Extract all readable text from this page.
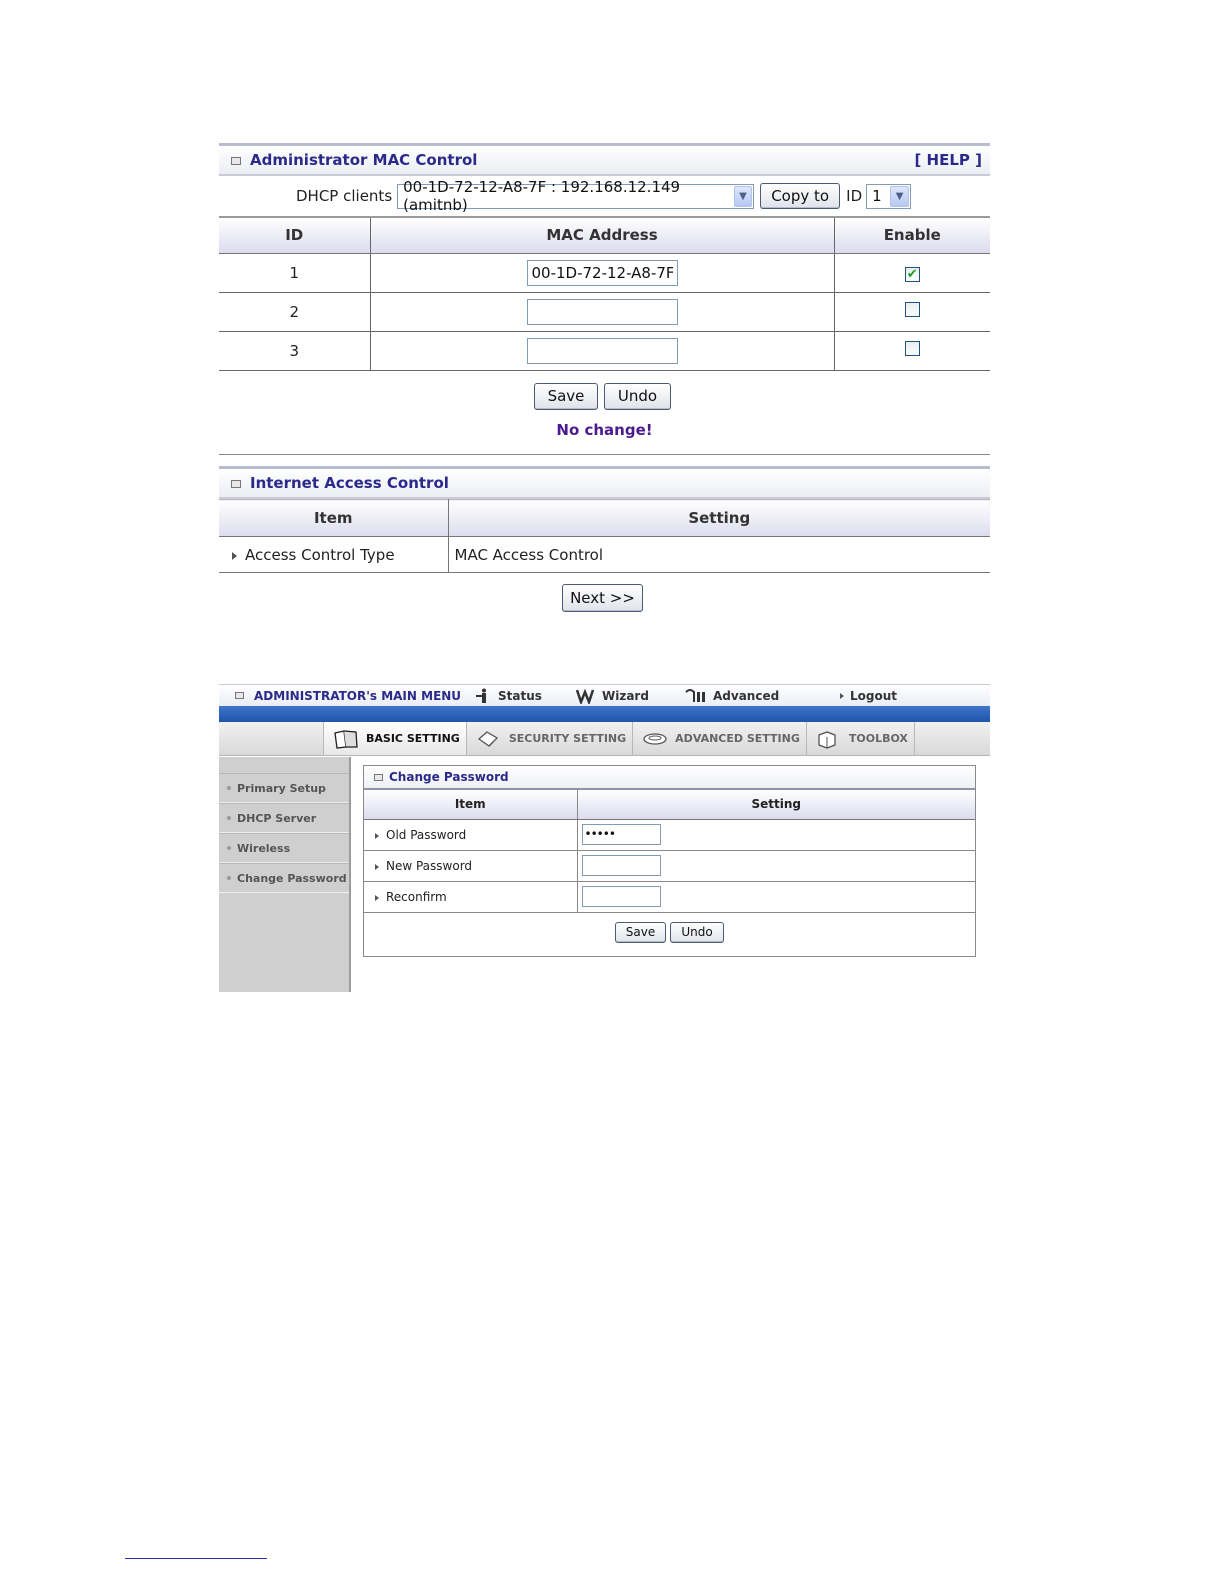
Administrator MAC Control	[ HELP ]
DHCP clients 00-1D-72-12-A8-7F : 192.168.12.149 (amitnb)	▼	Copy to	ID 1	▼
ID	MAC Address	Enable
1	00-1D-72-12-A8-7F	✔

2		
3		
Save	Undo
No change!
Internet Access Control
Item	Setting
Access Control Type	MAC Access Control
Next >>
ADMINISTRATOR's MAIN MENU	Status	Wizard	Advanced	Logout
BASIC SETTING	SECURITY SETTING	ADVANCED SETTING	TOOLBOX
Primary Setup
DHCP Server
Wireless
Change Password
Change Password
Item	Setting
Old Password	•••••
New Password	
Reconfirm	
Save	Undo
